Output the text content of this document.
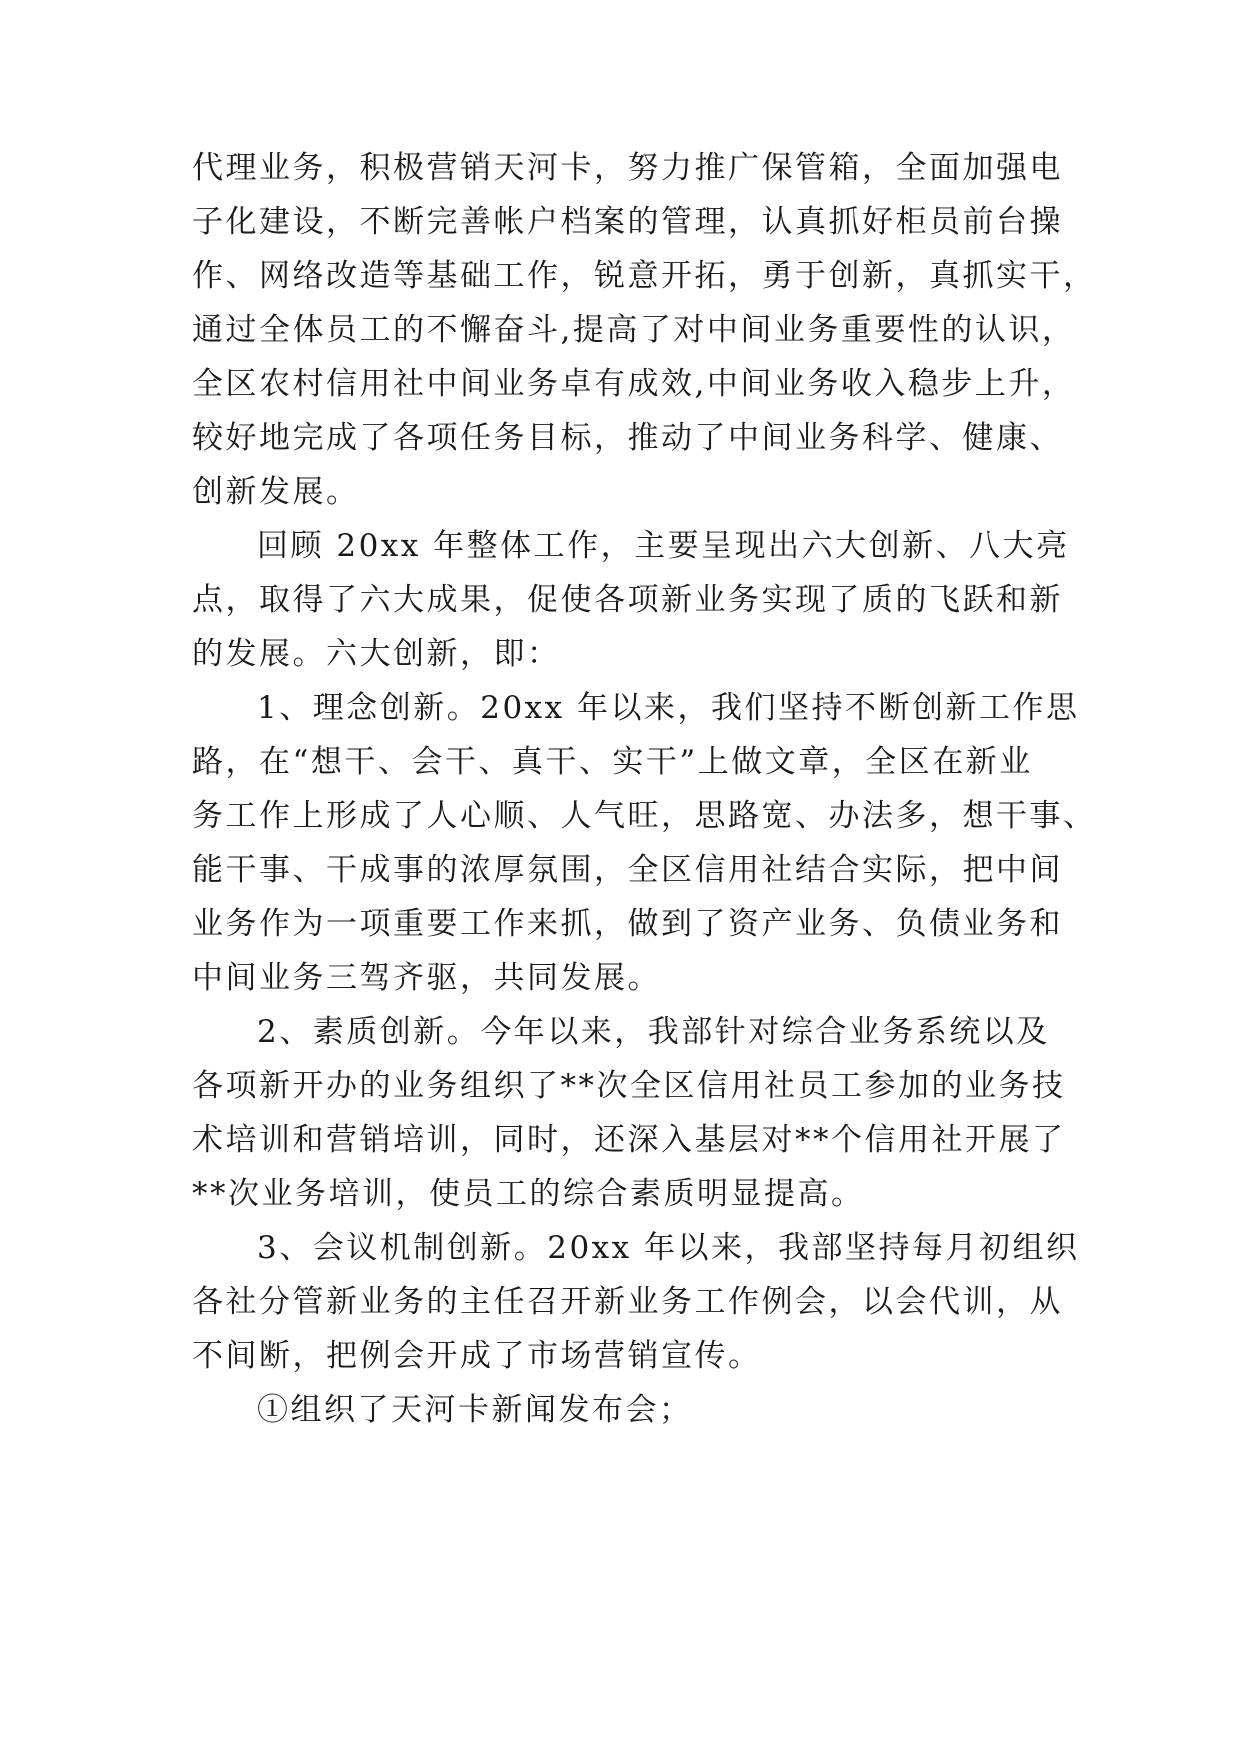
代理业务，积极营销天河卡，努力推广保管箱，全面加强电
子化建设，不断完善帐户档案的管理，认真抓好柜员前台操
作、网络改造等基础工作，锐意开拓，勇于创新，真抓实干，
通过全体员工的不懈奋斗,提高了对中间业务重要性的认识，
全区农村信用社中间业务卓有成效,中间业务收入稳步上升，
较好地完成了各项任务目标，推动了中间业务科学、健康、
创新发展。
回顾 20xx 年整体工作，主要呈现出六大创新、八大亮
点，取得了六大成果，促使各项新业务实现了质的飞跃和新
的发展。六大创新，即：
1、理念创新。20xx 年以来，我们坚持不断创新工作思
路，在“想干、会干、真干、实干”上做文章，全区在新业
务工作上形成了人心顺、人气旺，思路宽、办法多，想干事、
能干事、干成事的浓厚氛围，全区信用社结合实际，把中间
业务作为一项重要工作来抓，做到了资产业务、负债业务和
中间业务三驾齐驱，共同发展。
2、素质创新。今年以来，我部针对综合业务系统以及
各项新开办的业务组织了**次全区信用社员工参加的业务技
术培训和营销培训，同时，还深入基层对**个信用社开展了
**次业务培训，使员工的综合素质明显提高。
3、会议机制创新。20xx 年以来，我部坚持每月初组织
各社分管新业务的主任召开新业务工作例会，以会代训，从
不间断，把例会开成了市场营销宣传。
①组织了天河卡新闻发布会；
